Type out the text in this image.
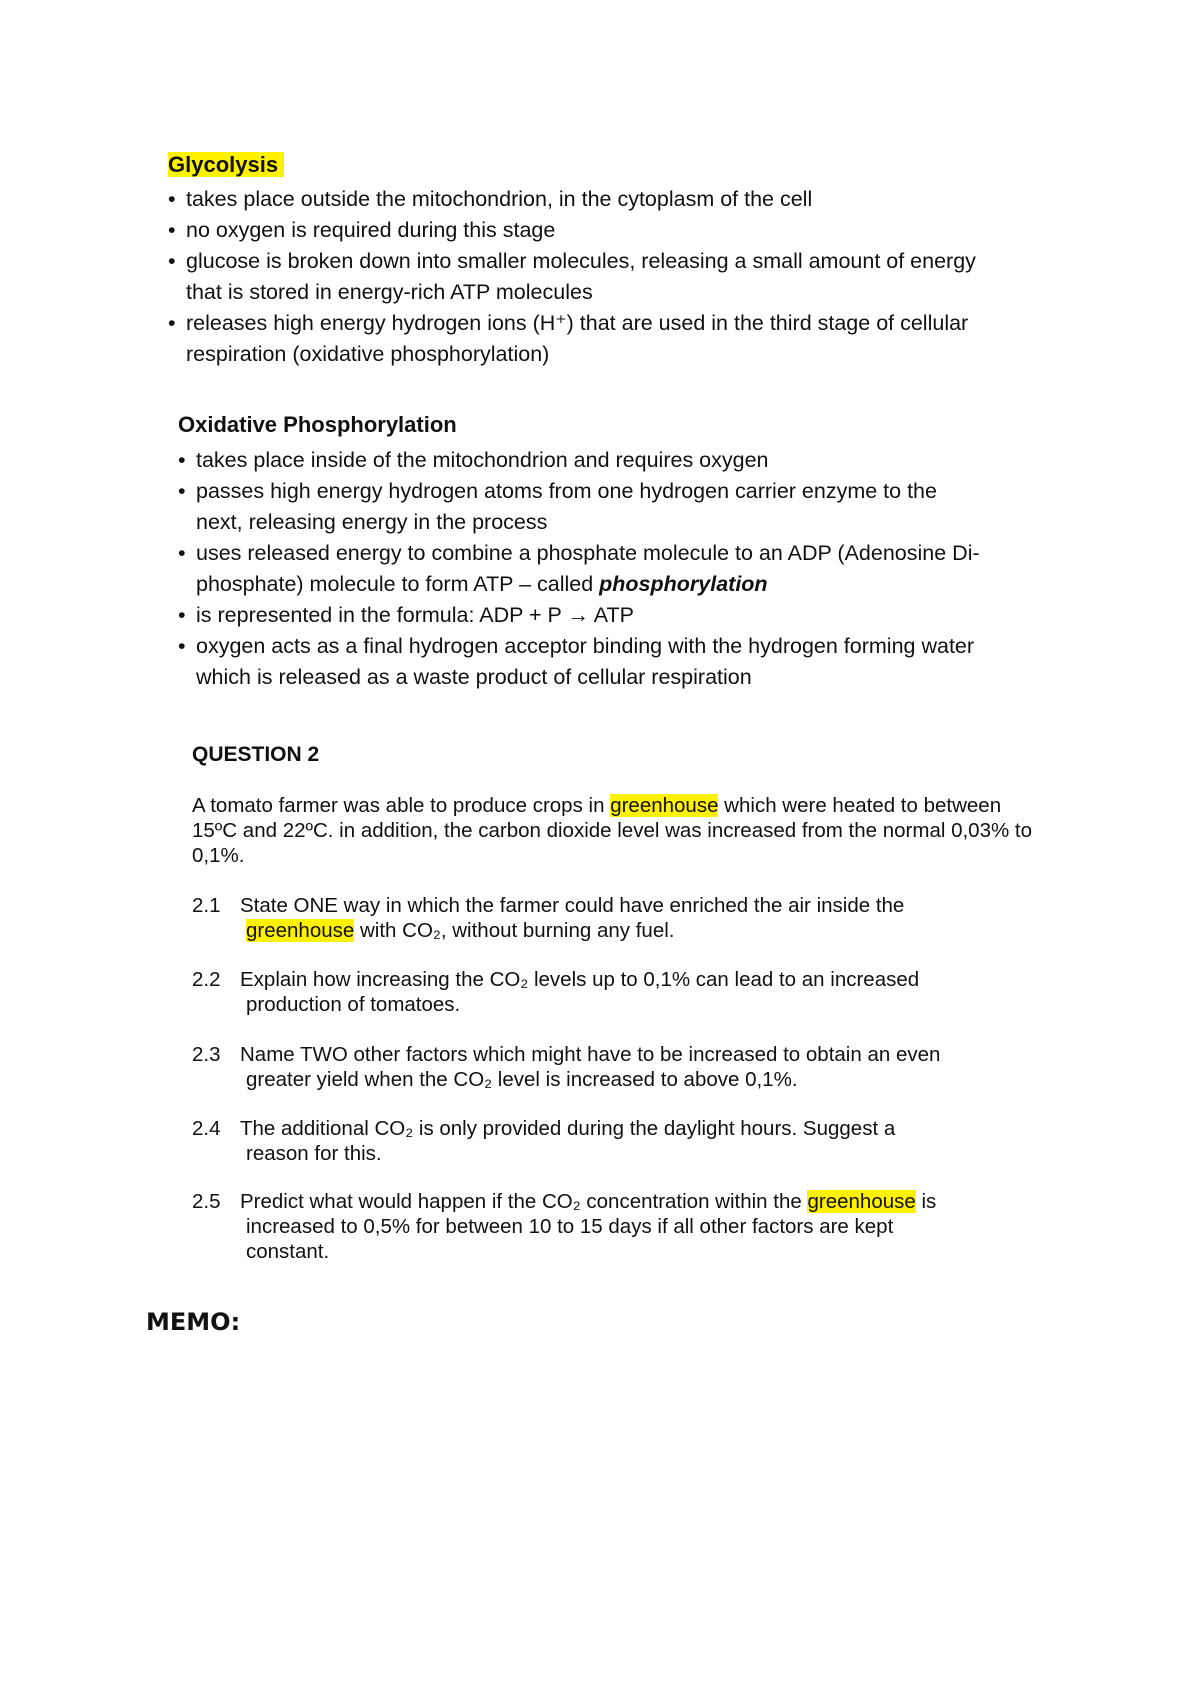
Glycolysis
• takes place outside the mitochondrion, in the cytoplasm of the cell
• no oxygen is required during this stage
• glucose is broken down into smaller molecules, releasing a small amount of energy
that is stored in energy-rich ATP molecules
• releases high energy hydrogen ions (H⁺) that are used in the third stage of cellular
respiration (oxidative phosphorylation)
Oxidative Phosphorylation
• takes place inside of the mitochondrion and requires oxygen
• passes high energy hydrogen atoms from one hydrogen carrier enzyme to the
next, releasing energy in the process
• uses released energy to combine a phosphate molecule to an ADP (Adenosine Di-
phosphate) molecule to form ATP – called phosphorylation
• is represented in the formula: ADP + P → ATP
• oxygen acts as a final hydrogen acceptor binding with the hydrogen forming water
which is released as a waste product of cellular respiration
QUESTION 2

A tomato farmer was able to produce crops in greenhouse which were heated to between 15ºC and 22ºC. in addition, the carbon dioxide level was increased from the normal 0,03% to 0,1%.

2.1 State ONE way in which the farmer could have enriched the air inside the
greenhouse with CO₂, without burning any fuel.
2.2 Explain how increasing the CO₂ levels up to 0,1% can lead to an increased
production of tomatoes.
2.3 Name TWO other factors which might have to be increased to obtain an even
greater yield when the CO₂ level is increased to above 0,1%.
2.4 The additional CO₂ is only provided during the daylight hours. Suggest a
reason for this.
2.5 Predict what would happen if the CO₂ concentration within the greenhouse is
increased to 0,5% for between 10 to 15 days if all other factors are kept
constant.
MEMO:
